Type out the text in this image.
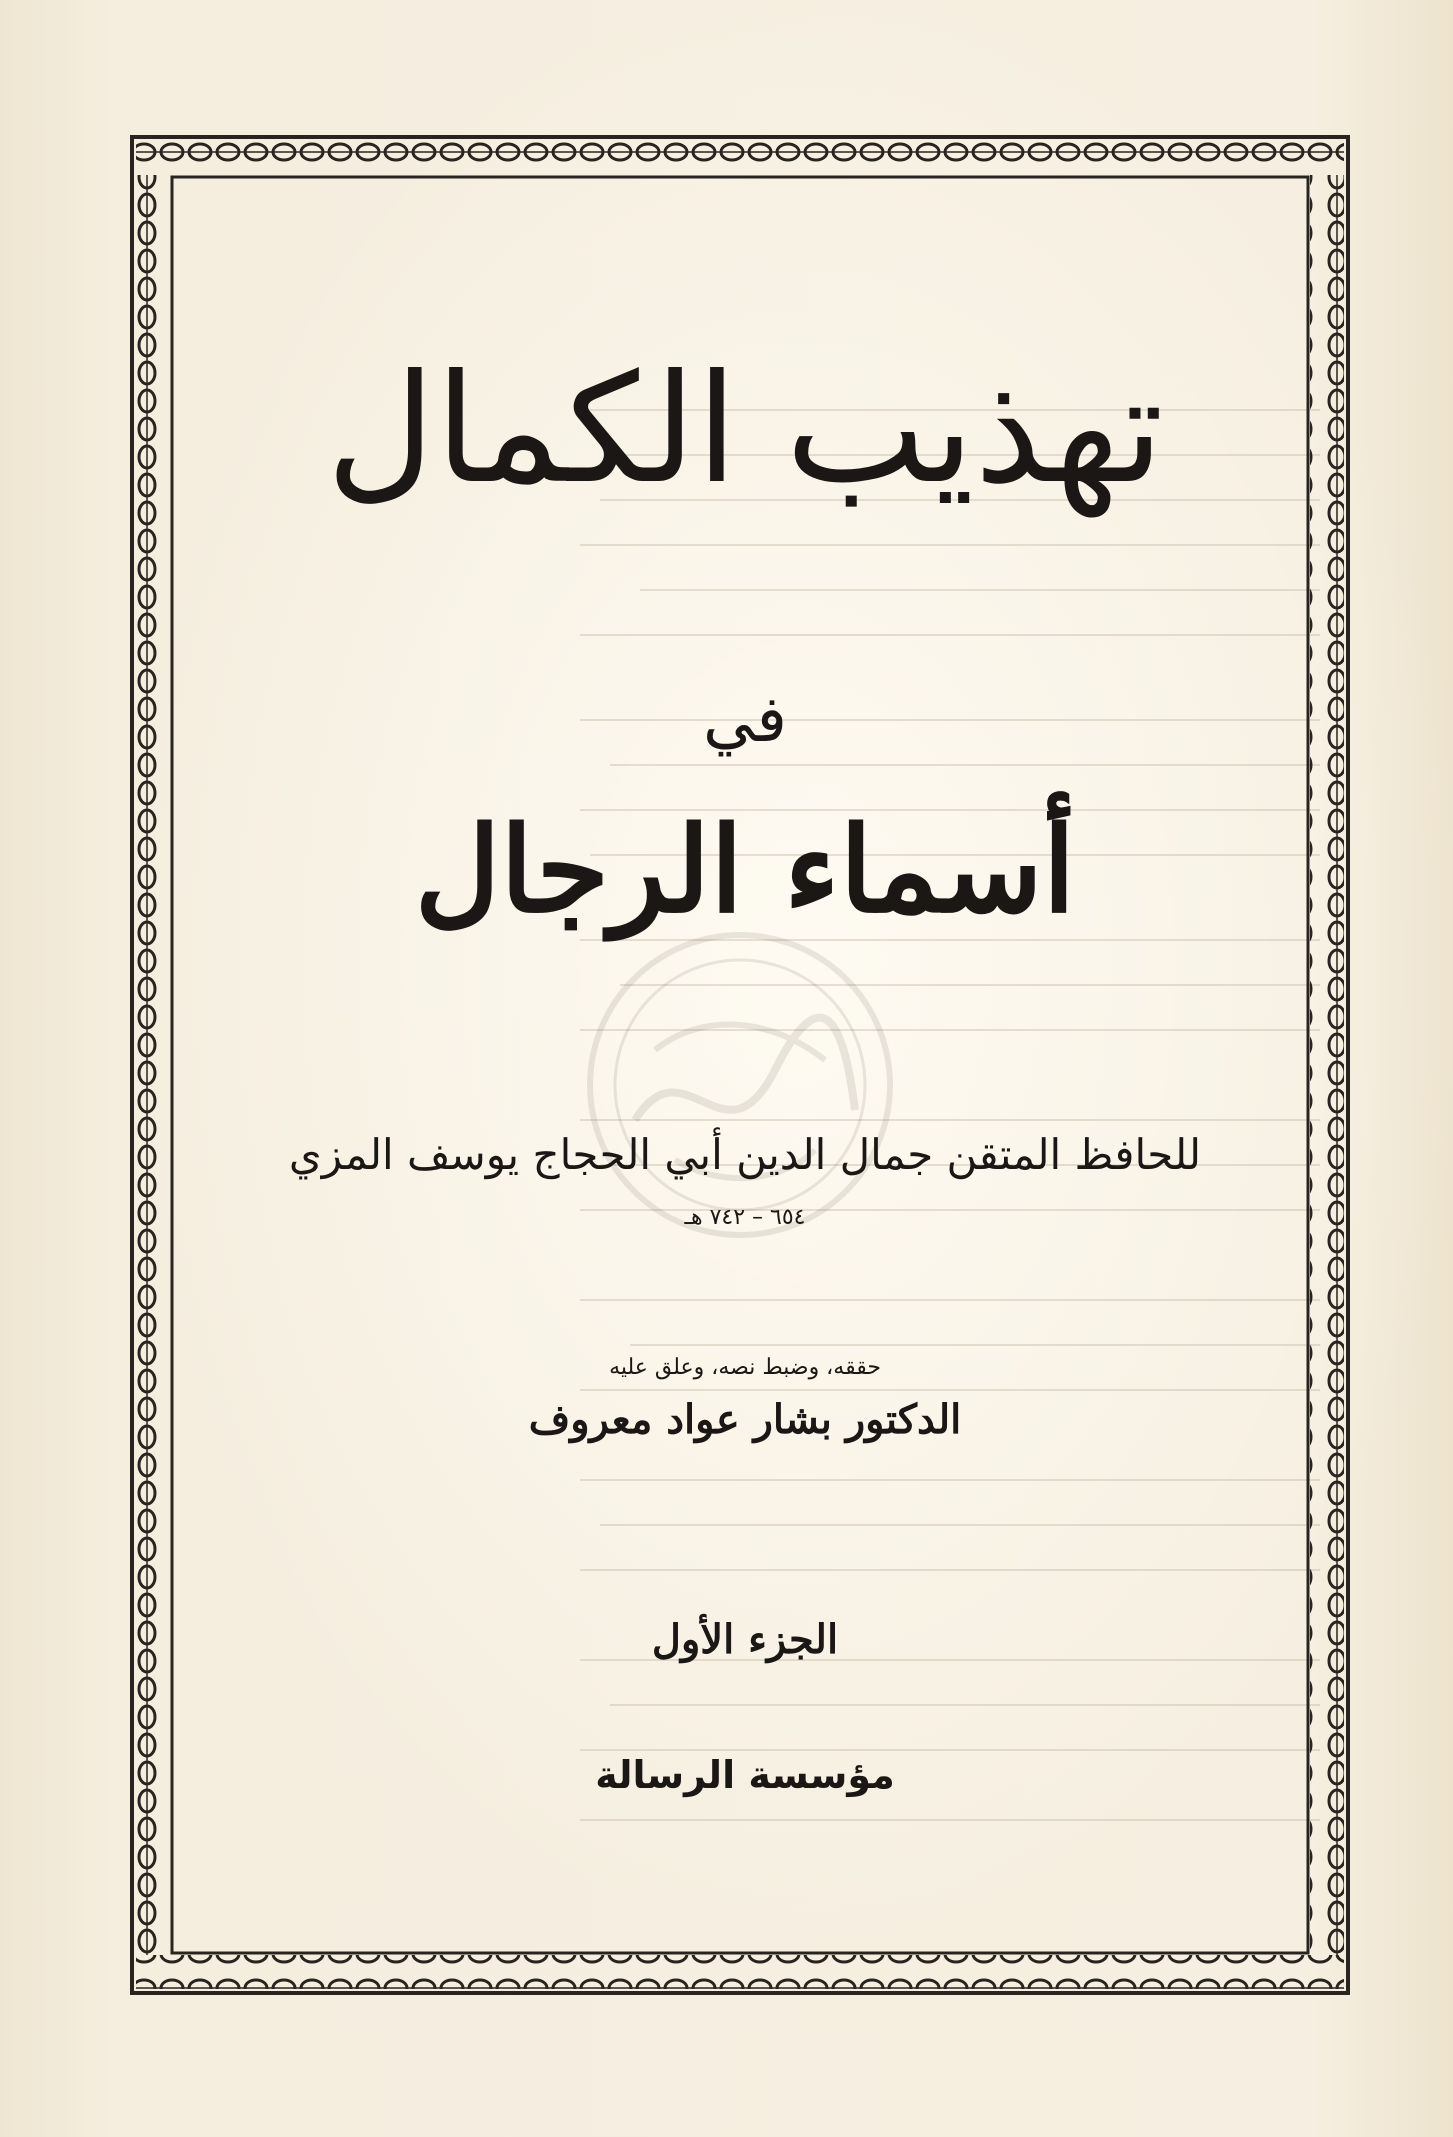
تهذيب الكمال
في
أسماء الرجال
للحافظ المتقن جمال الدين أبي الحجاج يوسف المزي
٦٥٤ – ٧٤٢ هـ
حققه، وضبط نصه، وعلق عليه
الدكتور بشار عواد معروف
الجزء الأول
مؤسسة الرسالة
